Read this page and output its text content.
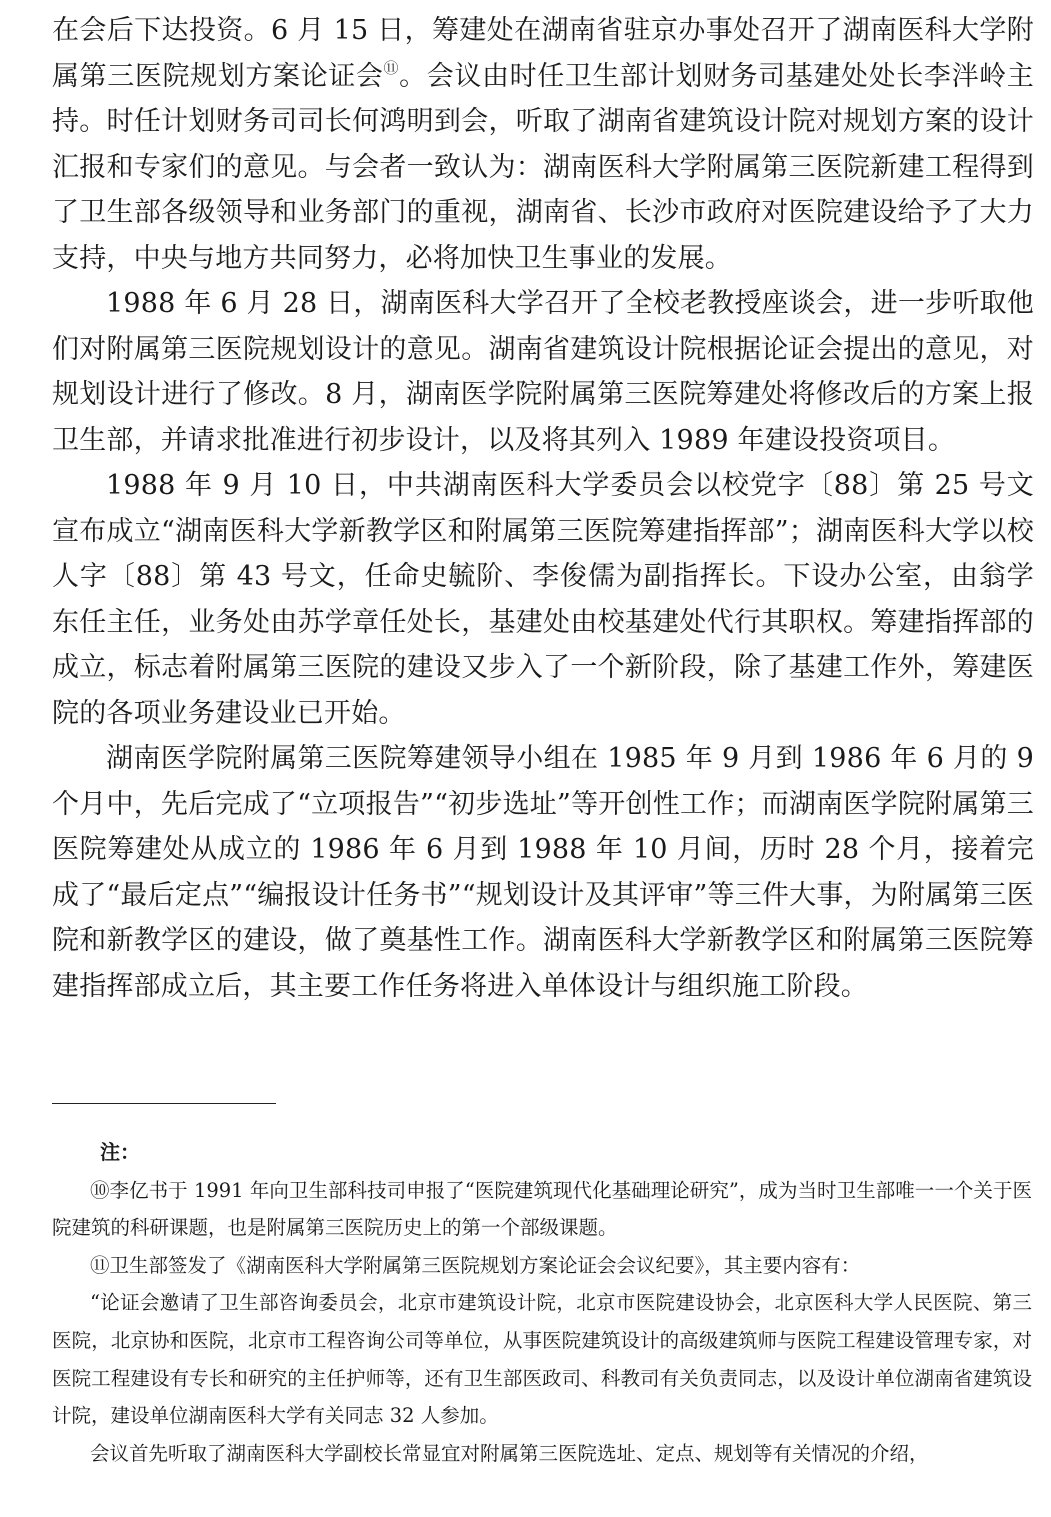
在会后下达投资。6 月 15 日，筹建处在湖南省驻京办事处召开了湖南医科大学附属第三医院规划方案论证会⑪。会议由时任卫生部计划财务司基建处处长李泮岭主持。时任计划财务司司长何鸿明到会，听取了湖南省建筑设计院对规划方案的设计汇报和专家们的意见。与会者一致认为：湖南医科大学附属第三医院新建工程得到了卫生部各级领导和业务部门的重视，湖南省、长沙市政府对医院建设给予了大力支持，中央与地方共同努力，必将加快卫生事业的发展。

1988 年 6 月 28 日，湖南医科大学召开了全校老教授座谈会，进一步听取他们对附属第三医院规划设计的意见。湖南省建筑设计院根据论证会提出的意见，对规划设计进行了修改。8 月，湖南医学院附属第三医院筹建处将修改后的方案上报卫生部，并请求批准进行初步设计，以及将其列入 1989 年建设投资项目。

1988 年 9 月 10 日，中共湖南医科大学委员会以校党字〔88〕第 25 号文宣布成立“湖南医科大学新教学区和附属第三医院筹建指挥部”；湖南医科大学以校人字〔88〕第 43 号文，任命史毓阶、李俊儒为副指挥长。下设办公室，由翁学东任主任，业务处由苏学章任处长，基建处由校基建处代行其职权。筹建指挥部的成立，标志着附属第三医院的建设又步入了一个新阶段，除了基建工作外，筹建医院的各项业务建设业已开始。

湖南医学院附属第三医院筹建领导小组在 1985 年 9 月到 1986 年 6 月的 9 个月中，先后完成了“立项报告”“初步选址”等开创性工作；而湖南医学院附属第三医院筹建处从成立的 1986 年 6 月到 1988 年 10 月间，历时 28 个月，接着完成了“最后定点”“编报设计任务书”“规划设计及其评审”等三件大事，为附属第三医院和新教学区的建设，做了奠基性工作。湖南医科大学新教学区和附属第三医院筹建指挥部成立后，其主要工作任务将进入单体设计与组织施工阶段。

注：

⑩李亿书于 1991 年向卫生部科技司申报了“医院建筑现代化基础理论研究”，成为当时卫生部唯一一个关于医院建筑的科研课题，也是附属第三医院历史上的第一个部级课题。

⑪卫生部签发了《湖南医科大学附属第三医院规划方案论证会会议纪要》，其主要内容有：

“论证会邀请了卫生部咨询委员会，北京市建筑设计院，北京市医院建设协会，北京医科大学人民医院、第三医院，北京协和医院，北京市工程咨询公司等单位，从事医院建筑设计的高级建筑师与医院工程建设管理专家，对医院工程建设有专长和研究的主任护师等，还有卫生部医政司、科教司有关负责同志，以及设计单位湖南省建筑设计院，建设单位湖南医科大学有关同志 32 人参加。

会议首先听取了湖南医科大学副校长常显宜对附属第三医院选址、定点、规划等有关情况的介绍，
